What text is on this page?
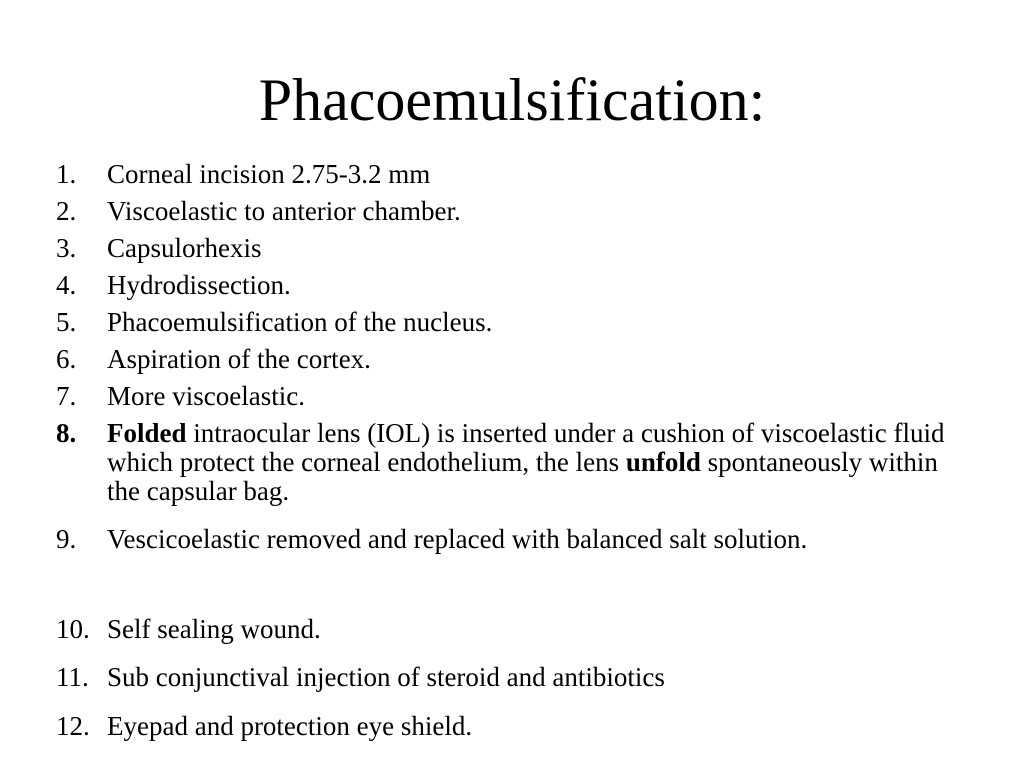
Phacoemulsification:
1.	Corneal incision 2.75-3.2 mm
2.	Viscoelastic to anterior chamber.
3.	Capsulorhexis
4.	Hydrodissection.
5.	Phacoemulsification of the nucleus.
6.	Aspiration of the cortex.
7.	More viscoelastic.
8.	Folded intraocular lens (IOL) is inserted under a cushion of viscoelastic fluid which protect the corneal endothelium, the lens unfold spontaneously within the capsular bag.
9.	Vescicoelastic removed and replaced with balanced salt solution.
10. Self sealing wound.
11. Sub conjunctival injection of steroid and antibiotics
12. Eyepad and protection eye shield.
